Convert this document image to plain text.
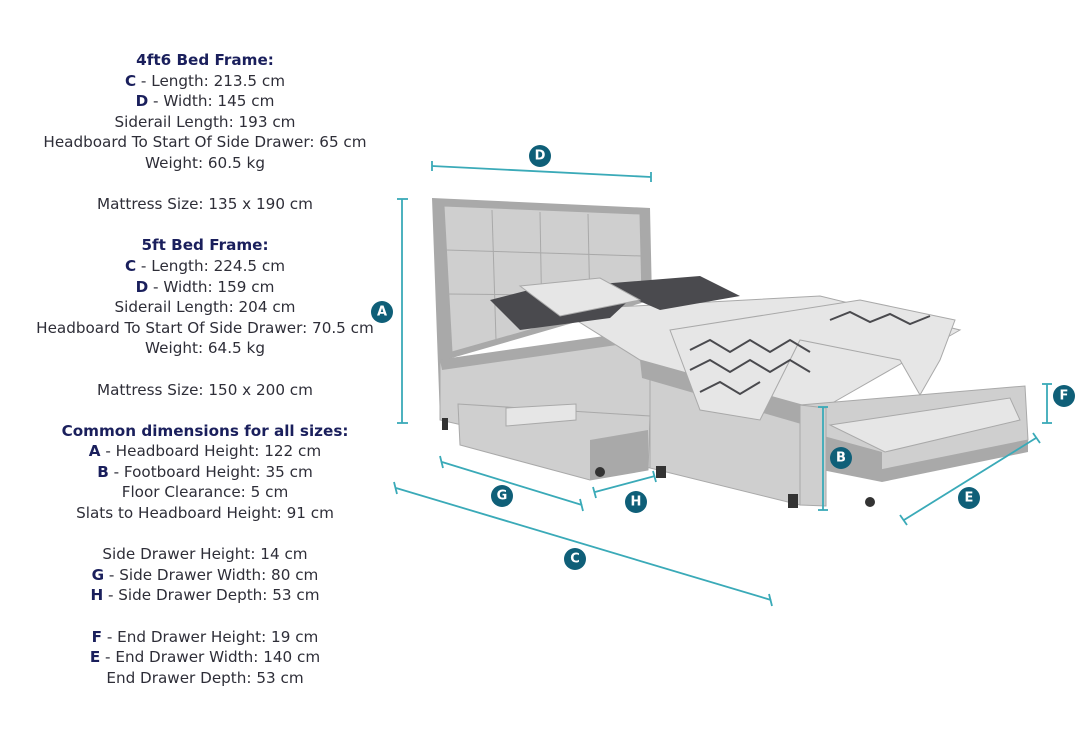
4ft6 Bed Frame:
C - Length: 213.5 cm
D - Width: 145 cm
Siderail Length: 193 cm
Headboard To Start Of Side Drawer: 65 cm
Weight: 60.5 kg
Mattress Size: 135 x 190 cm
5ft Bed Frame:
C - Length: 224.5 cm
D - Width: 159 cm
Siderail Length: 204 cm
Headboard To Start Of Side Drawer: 70.5 cm
Weight: 64.5 kg
Mattress Size: 150 x 200 cm
Common dimensions for all sizes:
A - Headboard Height: 122 cm
B - Footboard Height: 35 cm
Floor Clearance: 5 cm
Slats to Headboard Height: 91 cm
Side Drawer Height: 14 cm
G - Side Drawer Width: 80 cm
H - Side Drawer Depth: 53 cm
F - End Drawer Height: 19 cm
E - End Drawer Width: 140 cm
End Drawer Depth: 53 cm
D
A
G	H
C
B
F
E
